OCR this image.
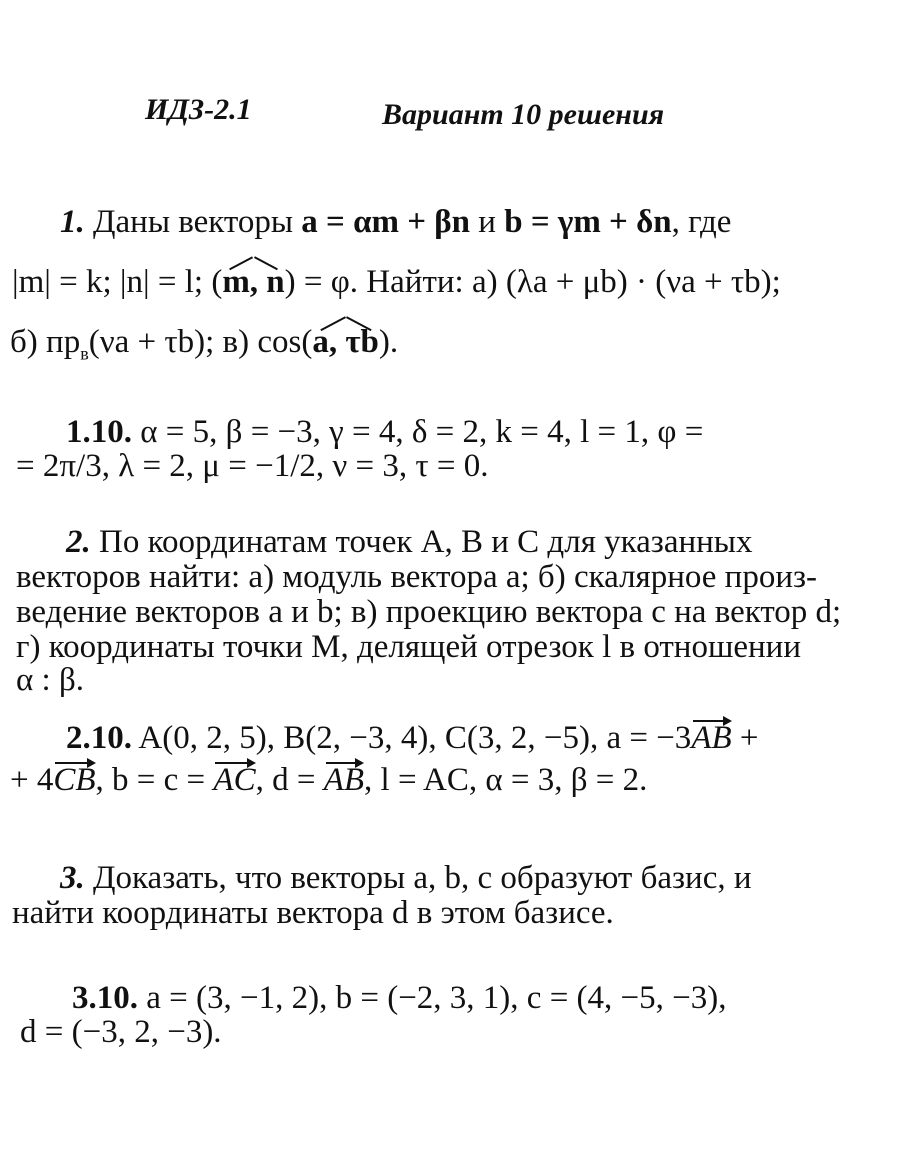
ИДЗ-2.1	Вариант 10 решения
1. Даны векторы a = αm + βn и b = γm + δn, где
|m| = k; |n| = l; (m, n) = φ. Найти: а) (λa + μb) · (νa + τb);
б) $пр_в(\nu a + \tau b)$; в) cos(a, τb).
1.10. α = 5, β = −3, γ = 4, δ = 2, k = 4, l = 1, φ =
= 2π/3, λ = 2, μ = −1/2, ν = 3, τ = 0.
2. По координатам точек A, B и C для указанных
векторов найти: а) модуль вектора a; б) скалярное произ-
ведение векторов a и b; в) проекцию вектора c на вектор d;
г) координаты точки M, делящей отрезок l в отношении
α : β.
2.10. A(0, 2, 5), B(2, −3, 4), C(3, 2, −5), a = −3AB +
+ 4CB, b = c = AC, d = AB, l = AC, α = 3, β = 2.
3. Доказать, что векторы a, b, c образуют базис, и
найти координаты вектора d в этом базисе.
3.10. a = (3, −1, 2), b = (−2, 3, 1), c = (4, −5, −3),
d = (−3, 2, −3).
